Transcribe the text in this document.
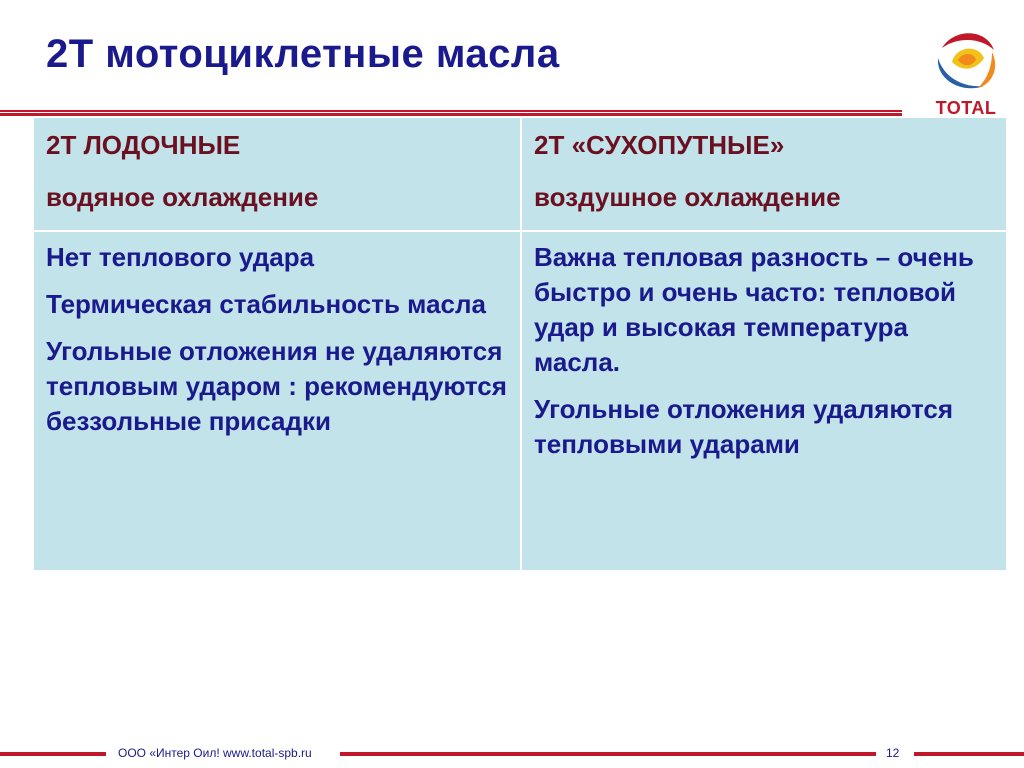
2T мотоциклетные масла
TOTAL
2T ЛОДОЧНЫЕ
водяное охлаждение
2T «СУХОПУТНЫЕ»
воздушное охлаждение

Нет теплового удара

Термическая стабильность масла

Угольные отложения не удаляются тепловым ударом : рекомендуются беззольные присадки

Важна тепловая разность – очень быстро и очень часто: тепловой удар и высокая температура масла.

Угольные отложения удаляются тепловыми ударами

ООО «Интер Оил! www.total-spb.ru	12
